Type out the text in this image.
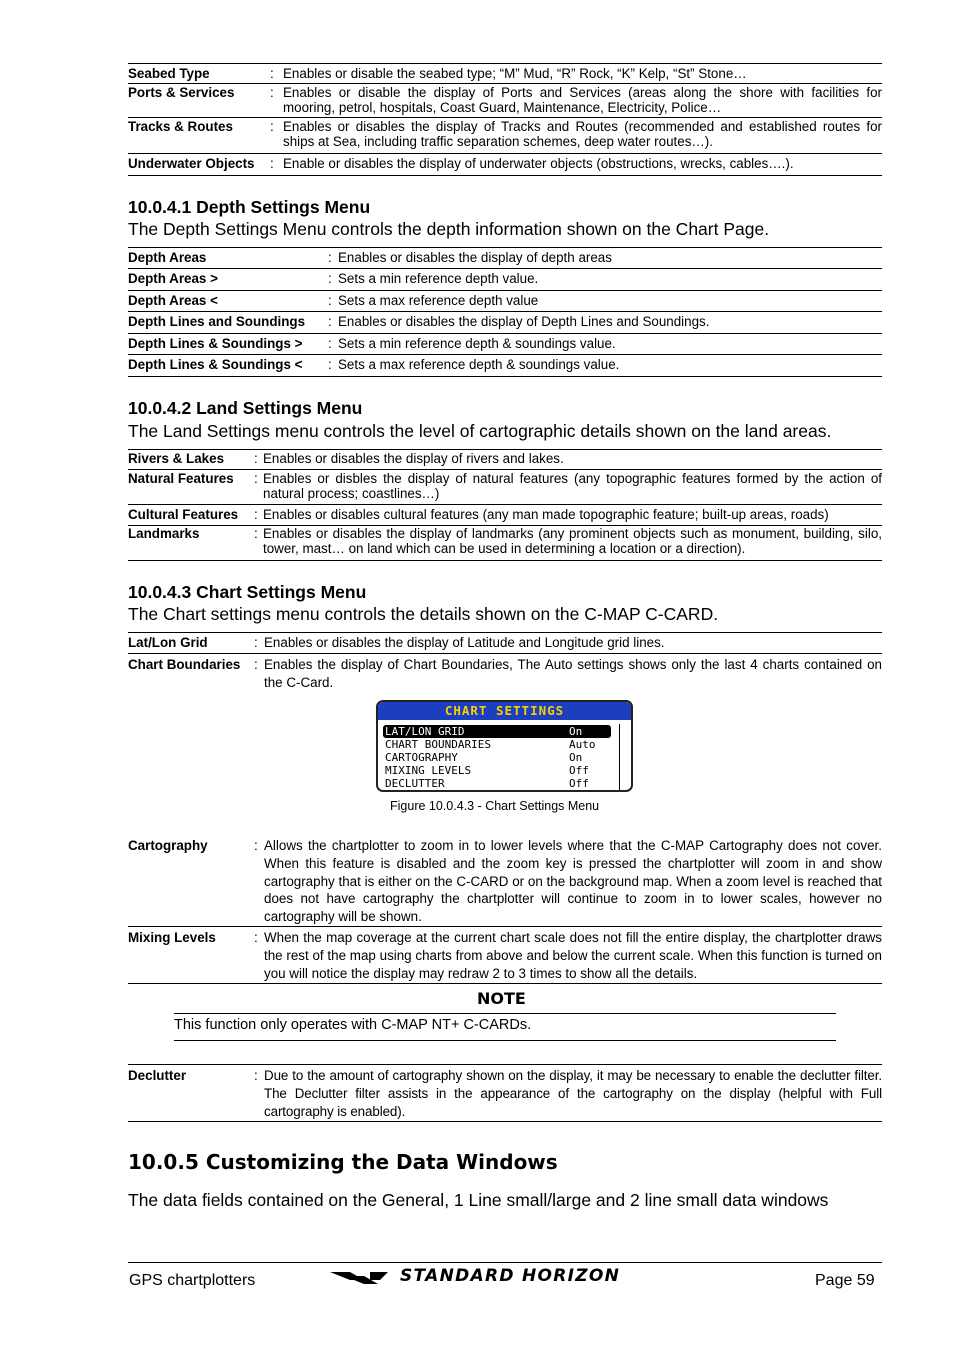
Seabed Type	: Enables or disable the seabed type; “M” Mud, “R” Rock, “K” Kelp, “St” Stone…
Ports & Services	: Enables or disable the display of Ports and Services (areas along the shore with facilities for mooring, petrol, hospitals, Coast Guard, Maintenance, Electricity, Police…
Tracks & Routes	: Enables or disables the display of Tracks and Routes (recommended and established routes for ships at Sea, including traffic separation schemes, deep water routes…).
Underwater Objects : Enable or disables the display of underwater objects (obstructions, wrecks, cables….).
10.0.4.1 Depth Settings Menu
The Depth Settings Menu controls the depth information shown on the Chart Page.
Depth Areas	: Enables or disables the display of depth areas
Depth Areas >	: Sets a min reference depth value.
Depth Areas <	: Sets a max reference depth value
Depth Lines and Soundings : Enables or disables the display of Depth Lines and Soundings.
Depth Lines & Soundings > : Sets a min reference depth & soundings value.
Depth Lines & Soundings < : Sets a max reference depth & soundings value.
10.0.4.2 Land Settings Menu
The Land Settings menu controls the level of cartographic details shown on the land areas.
Rivers & Lakes : Enables or disables the display of rivers and lakes.
Natural Features : Enables or disbles the display of natural features (any topographic features formed by the action of natural process; coastlines…)
Cultural Features : Enables or disables cultural features (any man made topographic feature; built-up areas, roads)
Landmarks	: Enables or disables the display of landmarks (any prominent objects such as monument, building, silo, tower, mast… on land which can be used in determining a location or a direction).
10.0.4.3 Chart Settings Menu
The Chart settings menu controls the details shown on the C-MAP C-CARD.
Lat/Lon Grid	: Enables or disables the display of Latitude and Longitude grid lines.
Chart Boundaries : Enables the display of Chart Boundaries, The Auto settings shows only the last 4 charts contained on the C-Card.
Cartography	: Allows the chartplotter to zoom in to lower levels where that the C-MAP Cartography does not cover. When this feature is disabled and the zoom key is pressed the chartplotter will zoom in and show cartography that is either on the C-CARD or on the background map. When a zoom level is reached that does not have cartography the chartplotter will continue to zoom in to lower scales, however no cartography will be shown.
Mixing Levels	: When the map coverage at the current chart scale does not fill the entire display, the chartplotter draws the rest of the map using charts from above and below the current scale. When this function is turned on you will notice the display may redraw 2 to 3 times to show all the details.
NOTE
This function only operates with C-MAP NT+ C-CARDs.
Declutter	: Due to the amount of cartography shown on the display, it may be necessary to enable the declutter filter. The Declutter filter assists in the appearance of the cartography on the display (helpful with Full cartography is enabled).
10.0.5 Customizing the Data Windows
The data fields contained on the General, 1 Line small/large and 2 line small data windows
CHART SETTINGS
LAT/LON GRID	On
CHART BOUNDARIES	Auto
CARTOGRAPHY	On
MIXING LEVELS	Off
DECLUTTER	Off
Figure 10.0.4.3 - Chart Settings Menu
GPS chartplotters	STANDARD HORIZON	Page 59
